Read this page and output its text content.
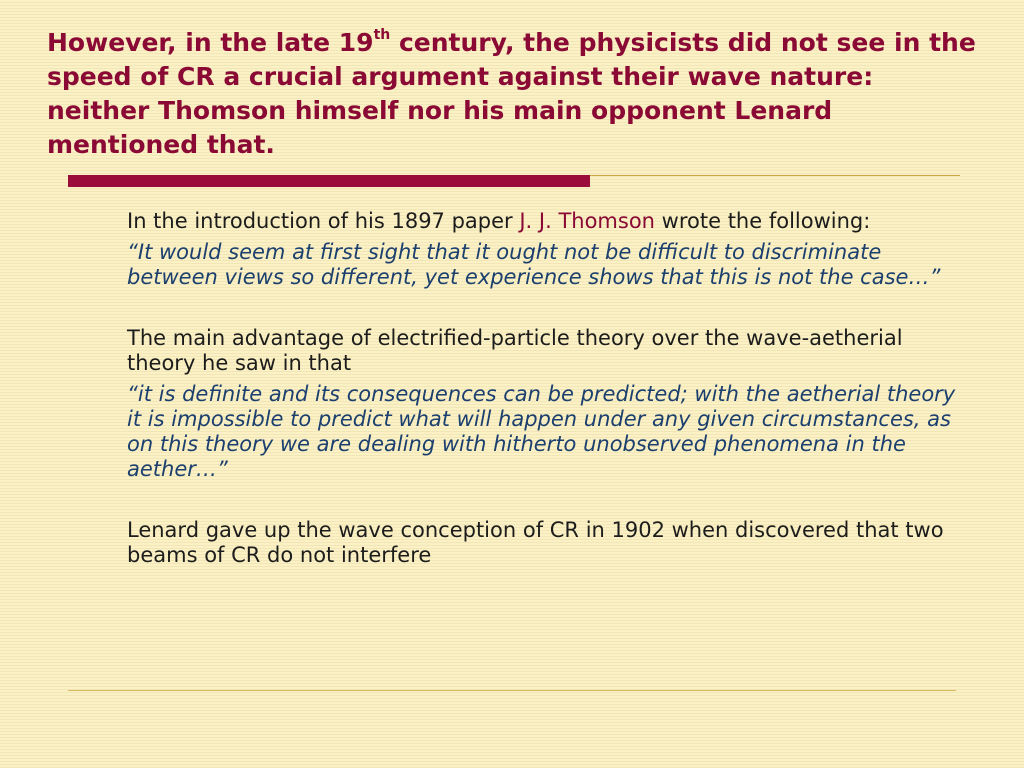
However, in the late 19th century, the physicists did not see in the speed of CR a crucial argument against their wave nature: neither Thomson himself nor his main opponent Lenard mentioned that.

In the introduction of his 1897 paper J. J. Thomson wrote the following:

“It would seem at first sight that it ought not be difficult to discriminate between views so different, yet experience shows that this is not the case…”

The main advantage of electrified-particle theory over the wave-aetherial theory he saw in that

“it is definite and its consequences can be predicted; with the aetherial theory it is impossible to predict what will happen under any given circumstances, as on this theory we are dealing with hitherto unobserved phenomena in the aether…”

Lenard gave up the wave conception of CR in 1902 when discovered that two beams of CR do not interfere
